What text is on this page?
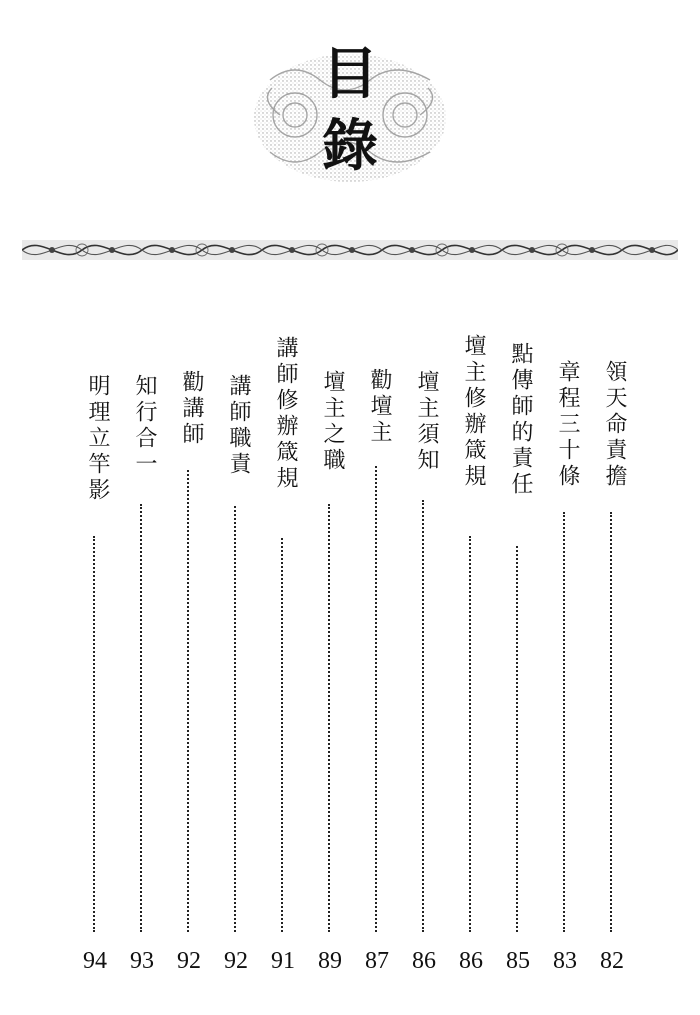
目
錄
領天命責擔
82
章程三十條
83
點傳師的責任
85
壇主修辦箴規
86
壇主須知
86
勸壇主
87
壇主之職
89
講師修辦箴規
91
講師職責
92
勸講師
92
知行合一
93
明理立竿影
94
